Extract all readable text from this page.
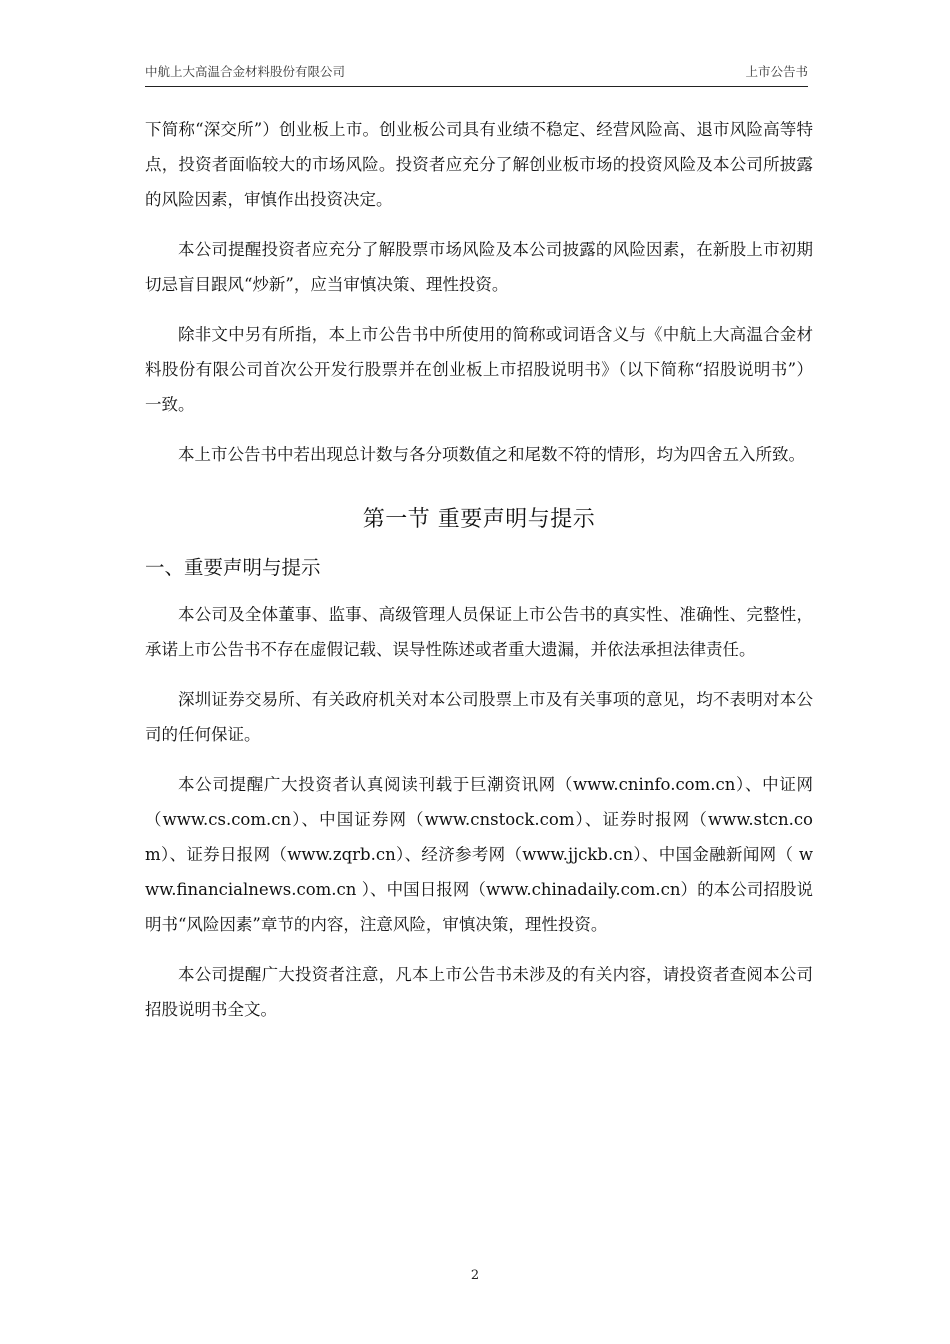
中航上大高温合金材料股份有限公司	上市公告书

下简称“深交所”）创业板上市。创业板公司具有业绩不稳定、经营风险高、退市风险高等特点，投资者面临较大的市场风险。投资者应充分了解创业板市场的投资风险及本公司所披露的风险因素，审慎作出投资决定。

本公司提醒投资者应充分了解股票市场风险及本公司披露的风险因素，在新股上市初期切忌盲目跟风“炒新”，应当审慎决策、理性投资。

除非文中另有所指，本上市公告书中所使用的简称或词语含义与《中航上大高温合金材料股份有限公司首次公开发行股票并在创业板上市招股说明书》（以下简称“招股说明书”）一致。

本上市公告书中若出现总计数与各分项数值之和尾数不符的情形，均为四舍五入所致。

第一节 重要声明与提示
一、重要声明与提示

本公司及全体董事、监事、高级管理人员保证上市公告书的真实性、准确性、完整性，承诺上市公告书不存在虚假记载、误导性陈述或者重大遗漏，并依法承担法律责任。

深圳证券交易所、有关政府机关对本公司股票上市及有关事项的意见，均不表明对本公司的任何保证。

本公司提醒广大投资者认真阅读刊载于巨潮资讯网（www.cninfo.com.cn）、中证网（www.cs.com.cn）、中国证券网（www.cnstock.com）、证券时报网（www.stcn.com）、证券日报网（www.zqrb.cn）、经济参考网（www.jjckb.cn）、中国金融新闻网（ www.financialnews.com.cn ）、中国日报网（www.chinadaily.com.cn）的本公司招股说明书“风险因素”章节的内容，注意风险，审慎决策，理性投资。

本公司提醒广大投资者注意，凡本上市公告书未涉及的有关内容，请投资者查阅本公司招股说明书全文。

2
